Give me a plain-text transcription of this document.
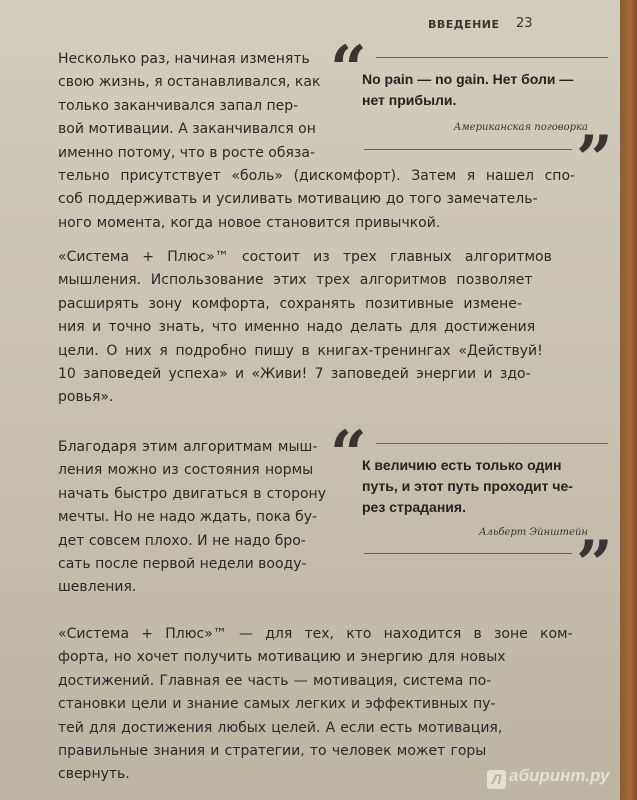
ВВЕДЕНИЕ 23

Несколько раз, начиная изменять
свою жизнь, я останавливался, как
только заканчивался запал пер-
вой мотивации. А заканчивался он
именно потому, что в росте обяза-
тельно присутствует «боль» (дискомфорт). Затем я нашел спо-
соб поддерживать и усиливать мотивацию до того замечатель-
ного момента, когда новое становится привычкой.

“

No pain — no gain. Нет боли —
нет прибыли.

Американская поговорка
”

«Система + Плюс»™ состоит из трех главных алгоритмов
мышления. Использование этих трех алгоритмов позволяет
расширять зону комфорта, сохранять позитивные измене-
ния и точно знать, что именно надо делать для достижения
цели. О них я подробно пишу в книгах-тренингах «Действуй!
10 заповедей успеха» и «Живи! 7 заповедей энергии и здо-
ровья».

Благодаря этим алгоритмам мыш-
ления можно из состояния нормы
начать быстро двигаться в сторону
мечты. Но не надо ждать, пока бу-
дет совсем плохо. И не надо бро-
сать после первой недели вооду-
шевления.

“

К величию есть только один
путь, и этот путь проходит че-
рез страдания.

Альберт Эйнштейн
”

«Система + Плюс»™ — для тех, кто находится в зоне ком-
форта, но хочет получить мотивацию и энергию для новых
достижений. Главная ее часть — мотивация, система по-
становки цели и знание самых легких и эффективных пу-
тей для достижения любых целей. А если есть мотивация,
правильные знания и стратегии, то человек может горы
свернуть.	Л абиринт.ру
